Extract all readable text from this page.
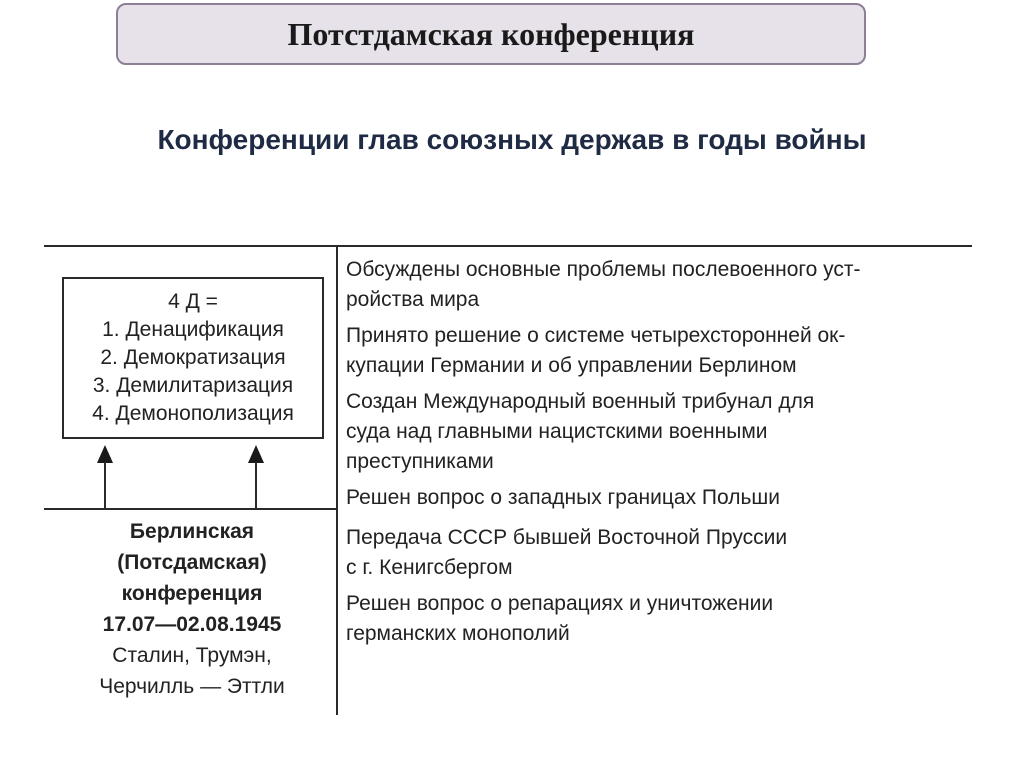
Потстдамская конференция
Конференции глав союзных держав в годы войны
4 Д =
1. Денацификация
2. Демократизация
3. Демилитаризация
4. Демонополизация
Берлинская
(Потсдамская)
конференция
17.07—02.08.1945
Сталин, Трумэн,
Черчилль — Эттли
Обсуждены основные проблемы послевоенного уст-
ройства мира
Принято решение о системе четырехсторонней ок-
купации Германии и об управлении Берлином
Создан Международный военный трибунал для
суда над главными нацистскими военными
преступниками
Решен вопрос о западных границах Польши
Передача СССР бывшей Восточной Пруссии
с г. Кенигсбергом
Решен вопрос о репарациях и уничтожении
германских монополий
